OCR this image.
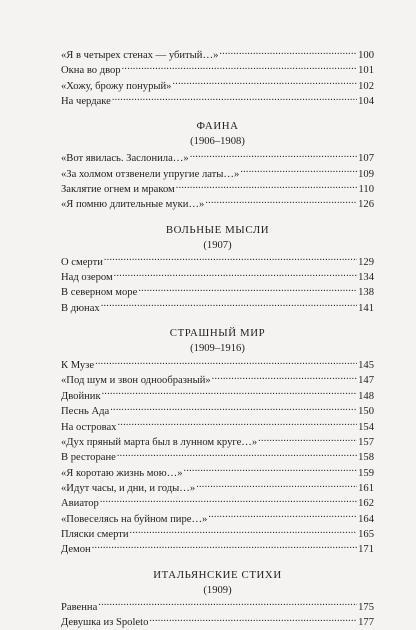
«Я в четырех стенах — убитый…» . . .	100
Окна во двор . . .	101
«Хожу, брожу понурый» . . .	102
На чердаке . . .	104
ФАИНА
(1906–1908)
«Вот явилась. Заслонила…» . . .	107
«За холмом отзвенели упругие латы…» . . .	109
Заклятие огнем и мраком . . .	110
«Я помню длительные муки…» . . .	126
ВОЛЬНЫЕ МЫСЛИ
(1907)
О смерти . . .	129
Над озером . . .	134
В северном море . . .	138
В дюнах . . .	141
СТРАШНЫЙ МИР
(1909–1916)
К Музе . . .	145
«Под шум и звон однообразный» . . .	147
Двойник . . .	148
Песнь Ада . . .	150
На островах . . .	154
«Дух пряный марта был в лунном круге…» . . .	157
В ресторане . . .	158
«Я коротаю жизнь мою…» . . .	159
«Идут часы, и дни, и годы…» . . .	161
Авиатор . . .	162
«Повеселясь на буйном пире…» . . .	164
Пляски смерти . . .	165
Демон . . .	171
ИТАЛЬЯНСКИЕ СТИХИ
(1909)
Равенна . . .	175
Девушка из Spoleto . . .	177
